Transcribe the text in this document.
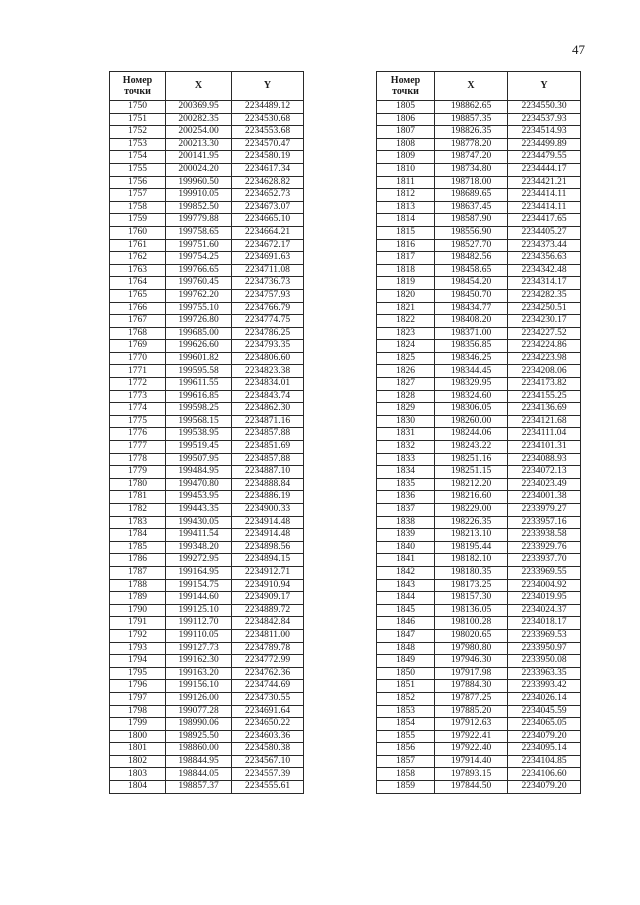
47
Номер
точки	X	Y
1750	200369.95	2234489.12
1751	200282.35	2234530.68
1752	200254.00	2234553.68
1753	200213.30	2234570.47
1754	200141.95	2234580.19
1755	200024.20	2234617.34
1756	199960.50	2234628.82
1757	199910.05	2234652.73
1758	199852.50	2234673.07
1759	199779.88	2234665.10
1760	199758.65	2234664.21
1761	199751.60	2234672.17
1762	199754.25	2234691.63
1763	199766.65	2234711.08
1764	199760.45	2234736.73
1765	199762.20	2234757.93
1766	199755.10	2234766.79
1767	199726.80	2234774.75
1768	199685.00	2234786.25
1769	199626.60	2234793.35
1770	199601.82	2234806.60
1771	199595.58	2234823.38
1772	199611.55	2234834.01
1773	199616.85	2234843.74
1774	199598.25	2234862.30
1775	199568.15	2234871.16
1776	199538.95	2234857.88
1777	199519.45	2234851.69
1778	199507.95	2234857.88
1779	199484.95	2234887.10
1780	199470.80	2234888.84
1781	199453.95	2234886.19
1782	199443.35	2234900.33
1783	199430.05	2234914.48
1784	199411.54	2234914.48
1785	199348.20	2234898.56
1786	199272.95	2234894.15
1787	199164.95	2234912.71
1788	199154.75	2234910.94
1789	199144.60	2234909.17
1790	199125.10	2234889.72
1791	199112.70	2234842.84
1792	199110.05	2234811.00
1793	199127.73	2234789.78
1794	199162.30	2234772.99
1795	199163.20	2234762.36
1796	199156.10	2234744.69
1797	199126.00	2234730.55
1798	199077.28	2234691.64
1799	198990.06	2234650.22
1800	198925.50	2234603.36
1801	198860.00	2234580.38
1802	198844.95	2234567.10
1803	198844.05	2234557.39
1804	198857.37	2234555.61
Номер
точки	X	Y
1805	198862.65	2234550.30
1806	198857.35	2234537.93
1807	198826.35	2234514.93
1808	198778.20	2234499.89
1809	198747.20	2234479.55
1810	198734.80	2234444.17
1811	198718.00	2234421.21
1812	198689.65	2234414.11
1813	198637.45	2234414.11
1814	198587.90	2234417.65
1815	198556.90	2234405.27
1816	198527.70	2234373.44
1817	198482.56	2234356.63
1818	198458.65	2234342.48
1819	198454.20	2234314.17
1820	198450.70	2234282.35
1821	198434.77	2234250.51
1822	198408.20	2234230.17
1823	198371.00	2234227.52
1824	198356.85	2234224.86
1825	198346.25	2234223.98
1826	198344.45	2234208.06
1827	198329.95	2234173.82
1828	198324.60	2234155.25
1829	198306.05	2234136.69
1830	198260.00	2234121.68
1831	198244.06	2234111.04
1832	198243.22	2234101.31
1833	198251.16	2234088.93
1834	198251.15	2234072.13
1835	198212.20	2234023.49
1836	198216.60	2234001.38
1837	198229.00	2233979.27
1838	198226.35	2233957.16
1839	198213.10	2233938.58
1840	198195.44	2233929.76
1841	198182.10	2233937.70
1842	198180.35	2233969.55
1843	198173.25	2234004.92
1844	198157.30	2234019.95
1845	198136.05	2234024.37
1846	198100.28	2234018.17
1847	198020.65	2233969.53
1848	197980.80	2233950.97
1849	197946.30	2233950.08
1850	197917.98	2233963.35
1851	197884.30	2233993.42
1852	197877.25	2234026.14
1853	197885.20	2234045.59
1854	197912.63	2234065.05
1855	197922.41	2234079.20
1856	197922.40	2234095.14
1857	197914.40	2234104.85
1858	197893.15	2234106.60
1859	197844.50	2234079.20
